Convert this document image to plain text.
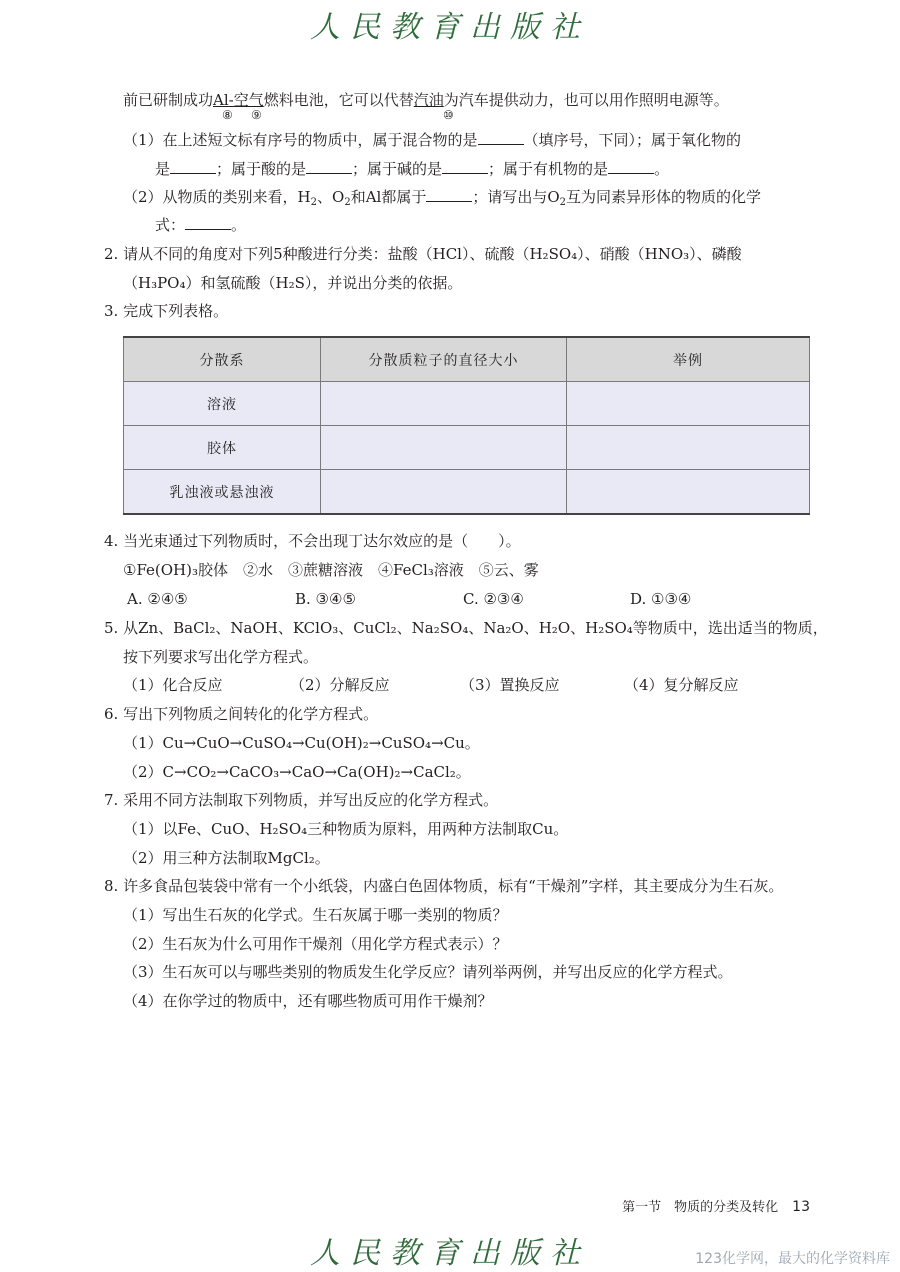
人民教育出版社
前已研制成功Al-空气燃料电池，它可以代替汽油为汽车提供动力，也可以用作照明电源等。
⑧ ⑨	⑩
（1）在上述短文标有序号的物质中，属于混合物的是	（填序号，下同）；属于氧化物的
是	；属于酸的是	；属于碱的是	；属于有机物的是	。
（2）从物质的类别来看，$H_2$、$O_2$和Al都属于	；请写出与$O_2$互为同素异形体的物质的化学
式：	。
2. 请从不同的角度对下列5种酸进行分类：盐酸（HCl）、硫酸（H₂SO₄）、硝酸（HNO₃）、磷酸
（H₃PO₄）和氢硫酸（H₂S），并说出分类的依据。
3. 完成下列表格。
分散系	分散质粒子的直径大小	举例
溶液		
胶体		
乳浊液或悬浊液		
4. 当光束通过下列物质时，不会出现丁达尔效应的是（　　）。
①Fe(OH)₃胶体　②水　③蔗糖溶液　④FeCl₃溶液　⑤云、雾
A. ②④⑤	B. ③④⑤	C. ②③④	D. ①③④
5. 从Zn、BaCl₂、NaOH、KClO₃、CuCl₂、Na₂SO₄、Na₂O、H₂O、H₂SO₄等物质中，选出适当的物质，
按下列要求写出化学方程式。
（1）化合反应	（2）分解反应	（3）置换反应	（4）复分解反应
6. 写出下列物质之间转化的化学方程式。
（1）Cu→CuO→CuSO₄→Cu(OH)₂→CuSO₄→Cu。
（2）C→CO₂→CaCO₃→CaO→Ca(OH)₂→CaCl₂。
7. 采用不同方法制取下列物质，并写出反应的化学方程式。
（1）以Fe、CuO、H₂SO₄三种物质为原料，用两种方法制取Cu。
（2）用三种方法制取MgCl₂。
8. 许多食品包装袋中常有一个小纸袋，内盛白色固体物质，标有“干燥剂”字样，其主要成分为生石灰。
（1）写出生石灰的化学式。生石灰属于哪一类别的物质？
（2）生石灰为什么可用作干燥剂（用化学方程式表示）？
（3）生石灰可以与哪些类别的物质发生化学反应？请列举两例，并写出反应的化学方程式。
（4）在你学过的物质中，还有哪些物质可用作干燥剂？
第一节　物质的分类及转化 13
人民教育出版社	123化学网，最大的化学资料库
